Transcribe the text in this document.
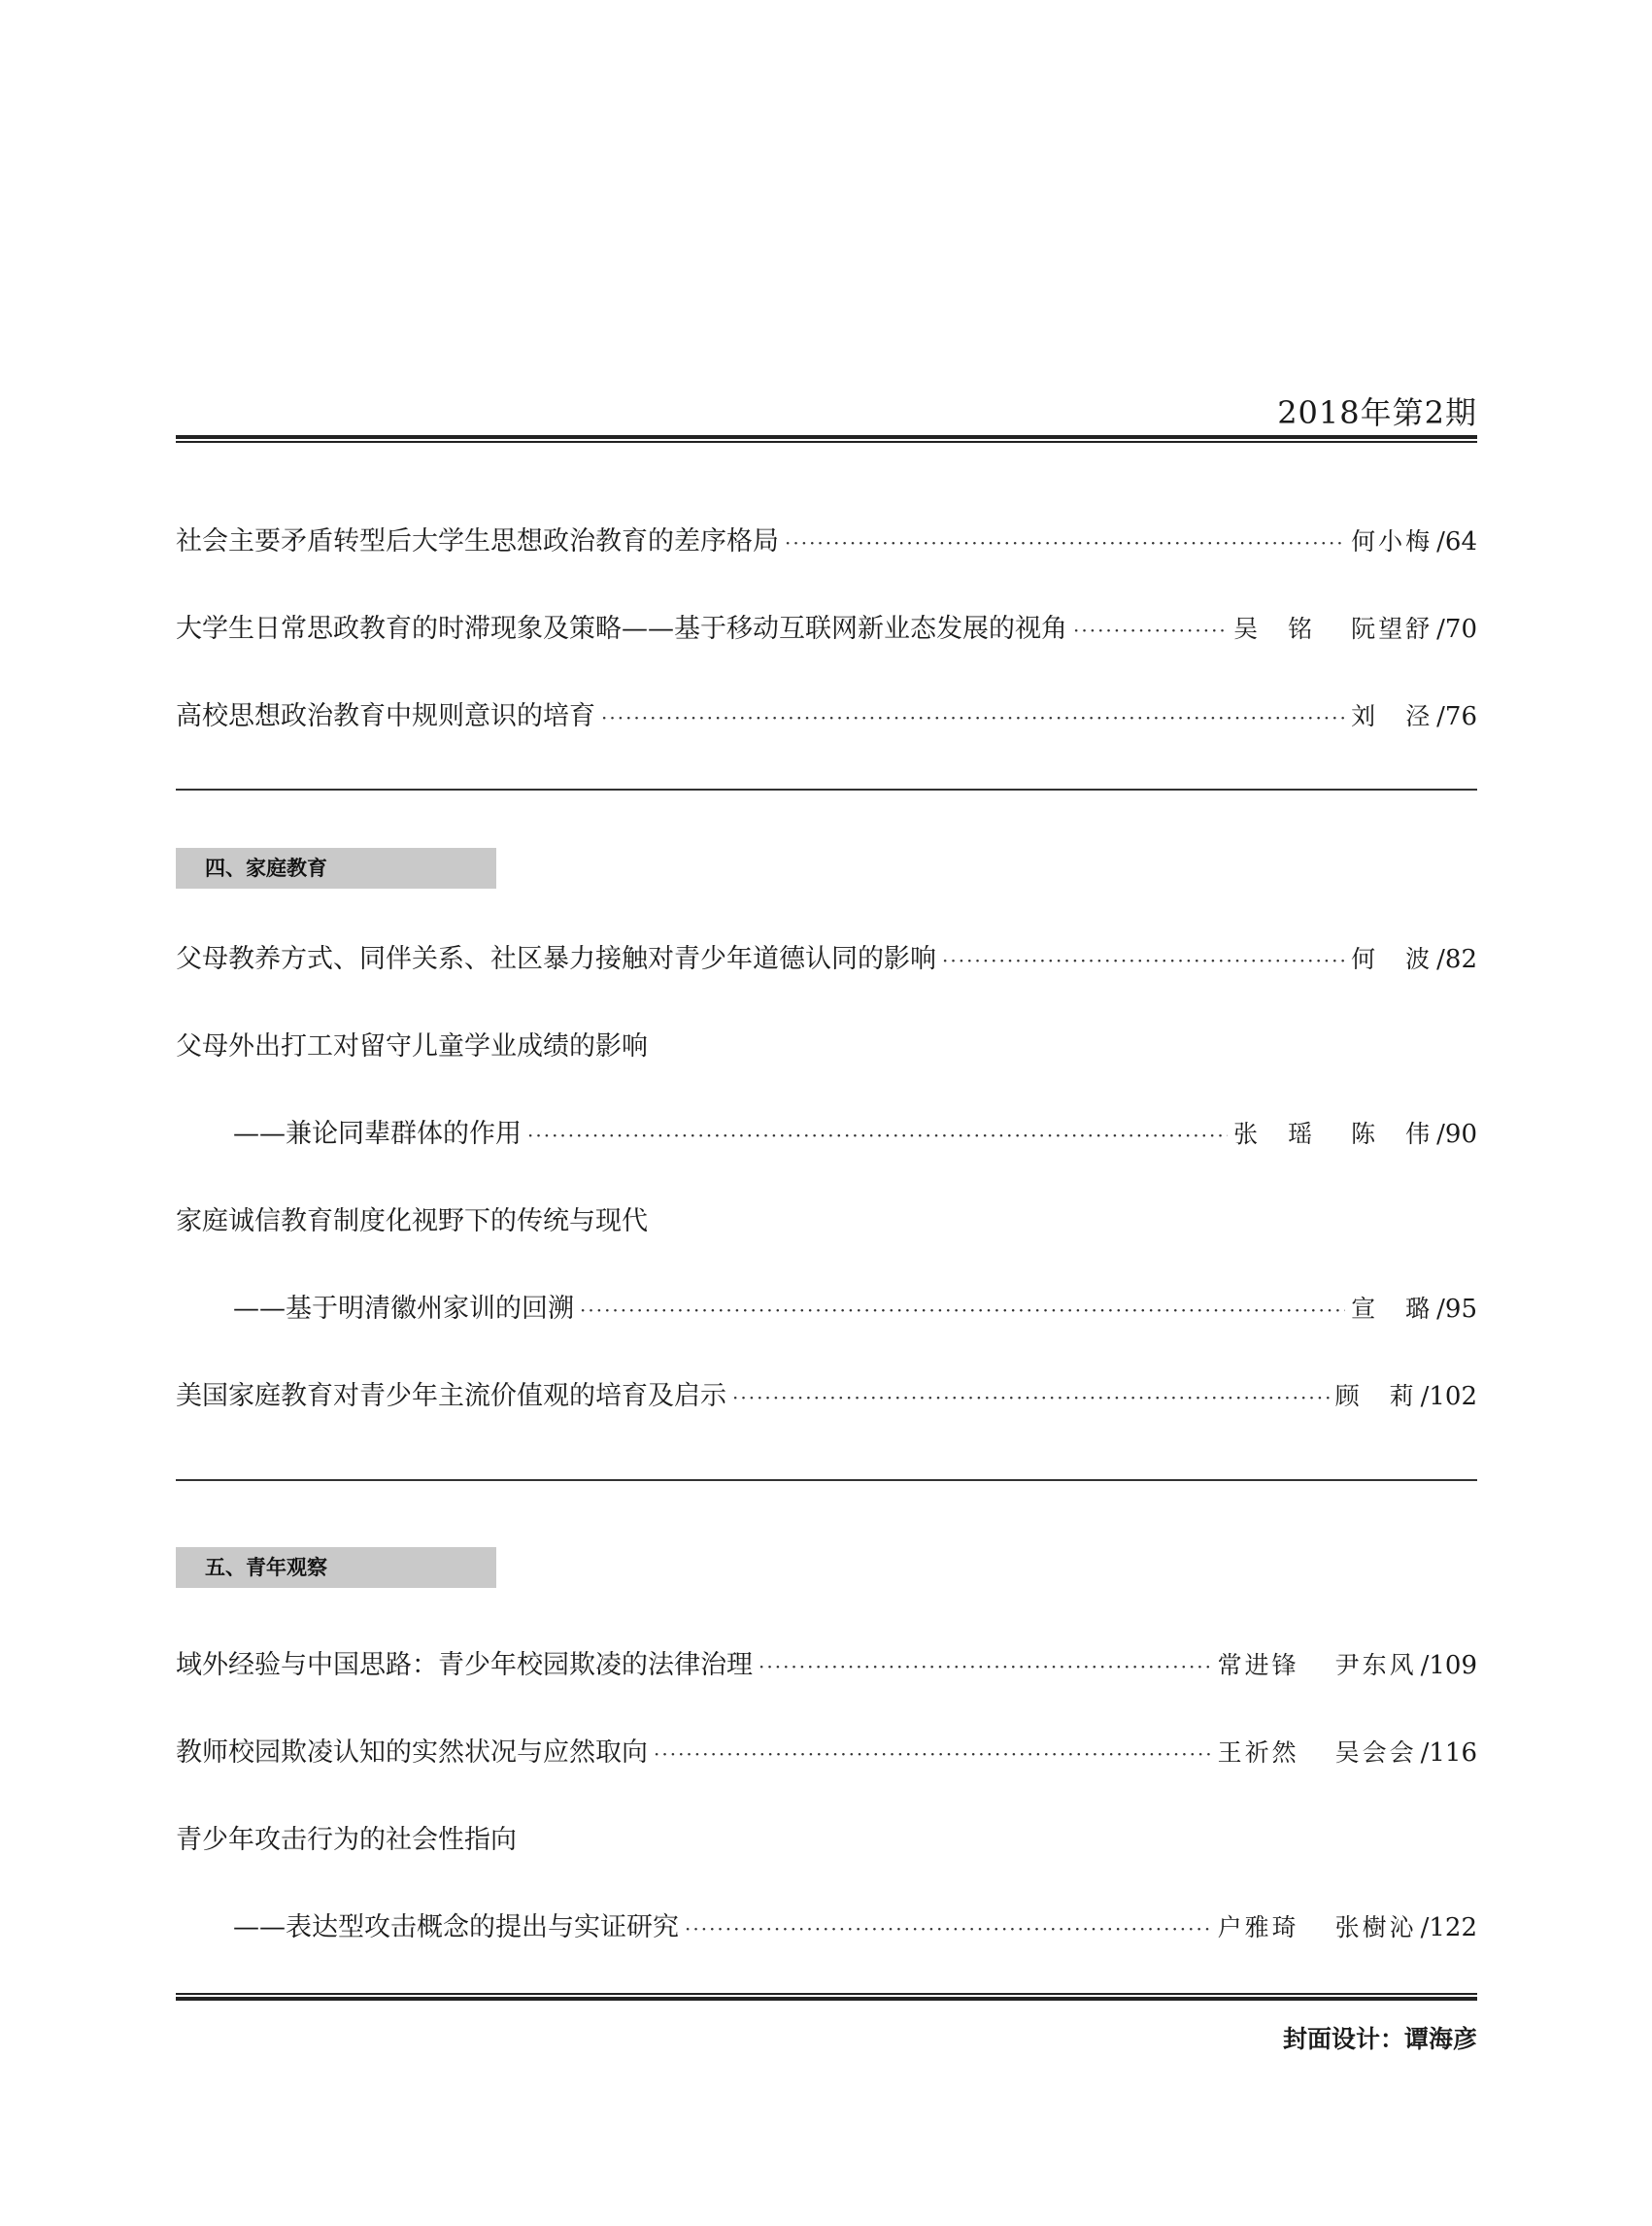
2018年第2期
社会主要矛盾转型后大学生思想政治教育的差序格局 ·····	何小梅 /64
大学生日常思政教育的时滞现象及策略——基于移动互联网新业态发展的视角 ·····	吴　铭 阮望舒 /70
高校思想政治教育中规则意识的培育 ·····	刘　泾 /76
四、家庭教育
父母教养方式、同伴关系、社区暴力接触对青少年道德认同的影响 ·····	何　波 /82
父母外出打工对留守儿童学业成绩的影响
——兼论同辈群体的作用 ·····	张　瑶 陈　伟 /90
家庭诚信教育制度化视野下的传统与现代
——基于明清徽州家训的回溯 ·····	宣　璐 /95
美国家庭教育对青少年主流价值观的培育及启示 ·····	顾　莉 /102
五、青年观察
域外经验与中国思路：青少年校园欺凌的法律治理 ·····	常进锋 尹东风 /109
教师校园欺凌认知的实然状况与应然取向 ·····	王祈然 吴会会 /116
青少年攻击行为的社会性指向
——表达型攻击概念的提出与实证研究 ·····	户雅琦 张樹沁 /122
封面设计：谭海彦
